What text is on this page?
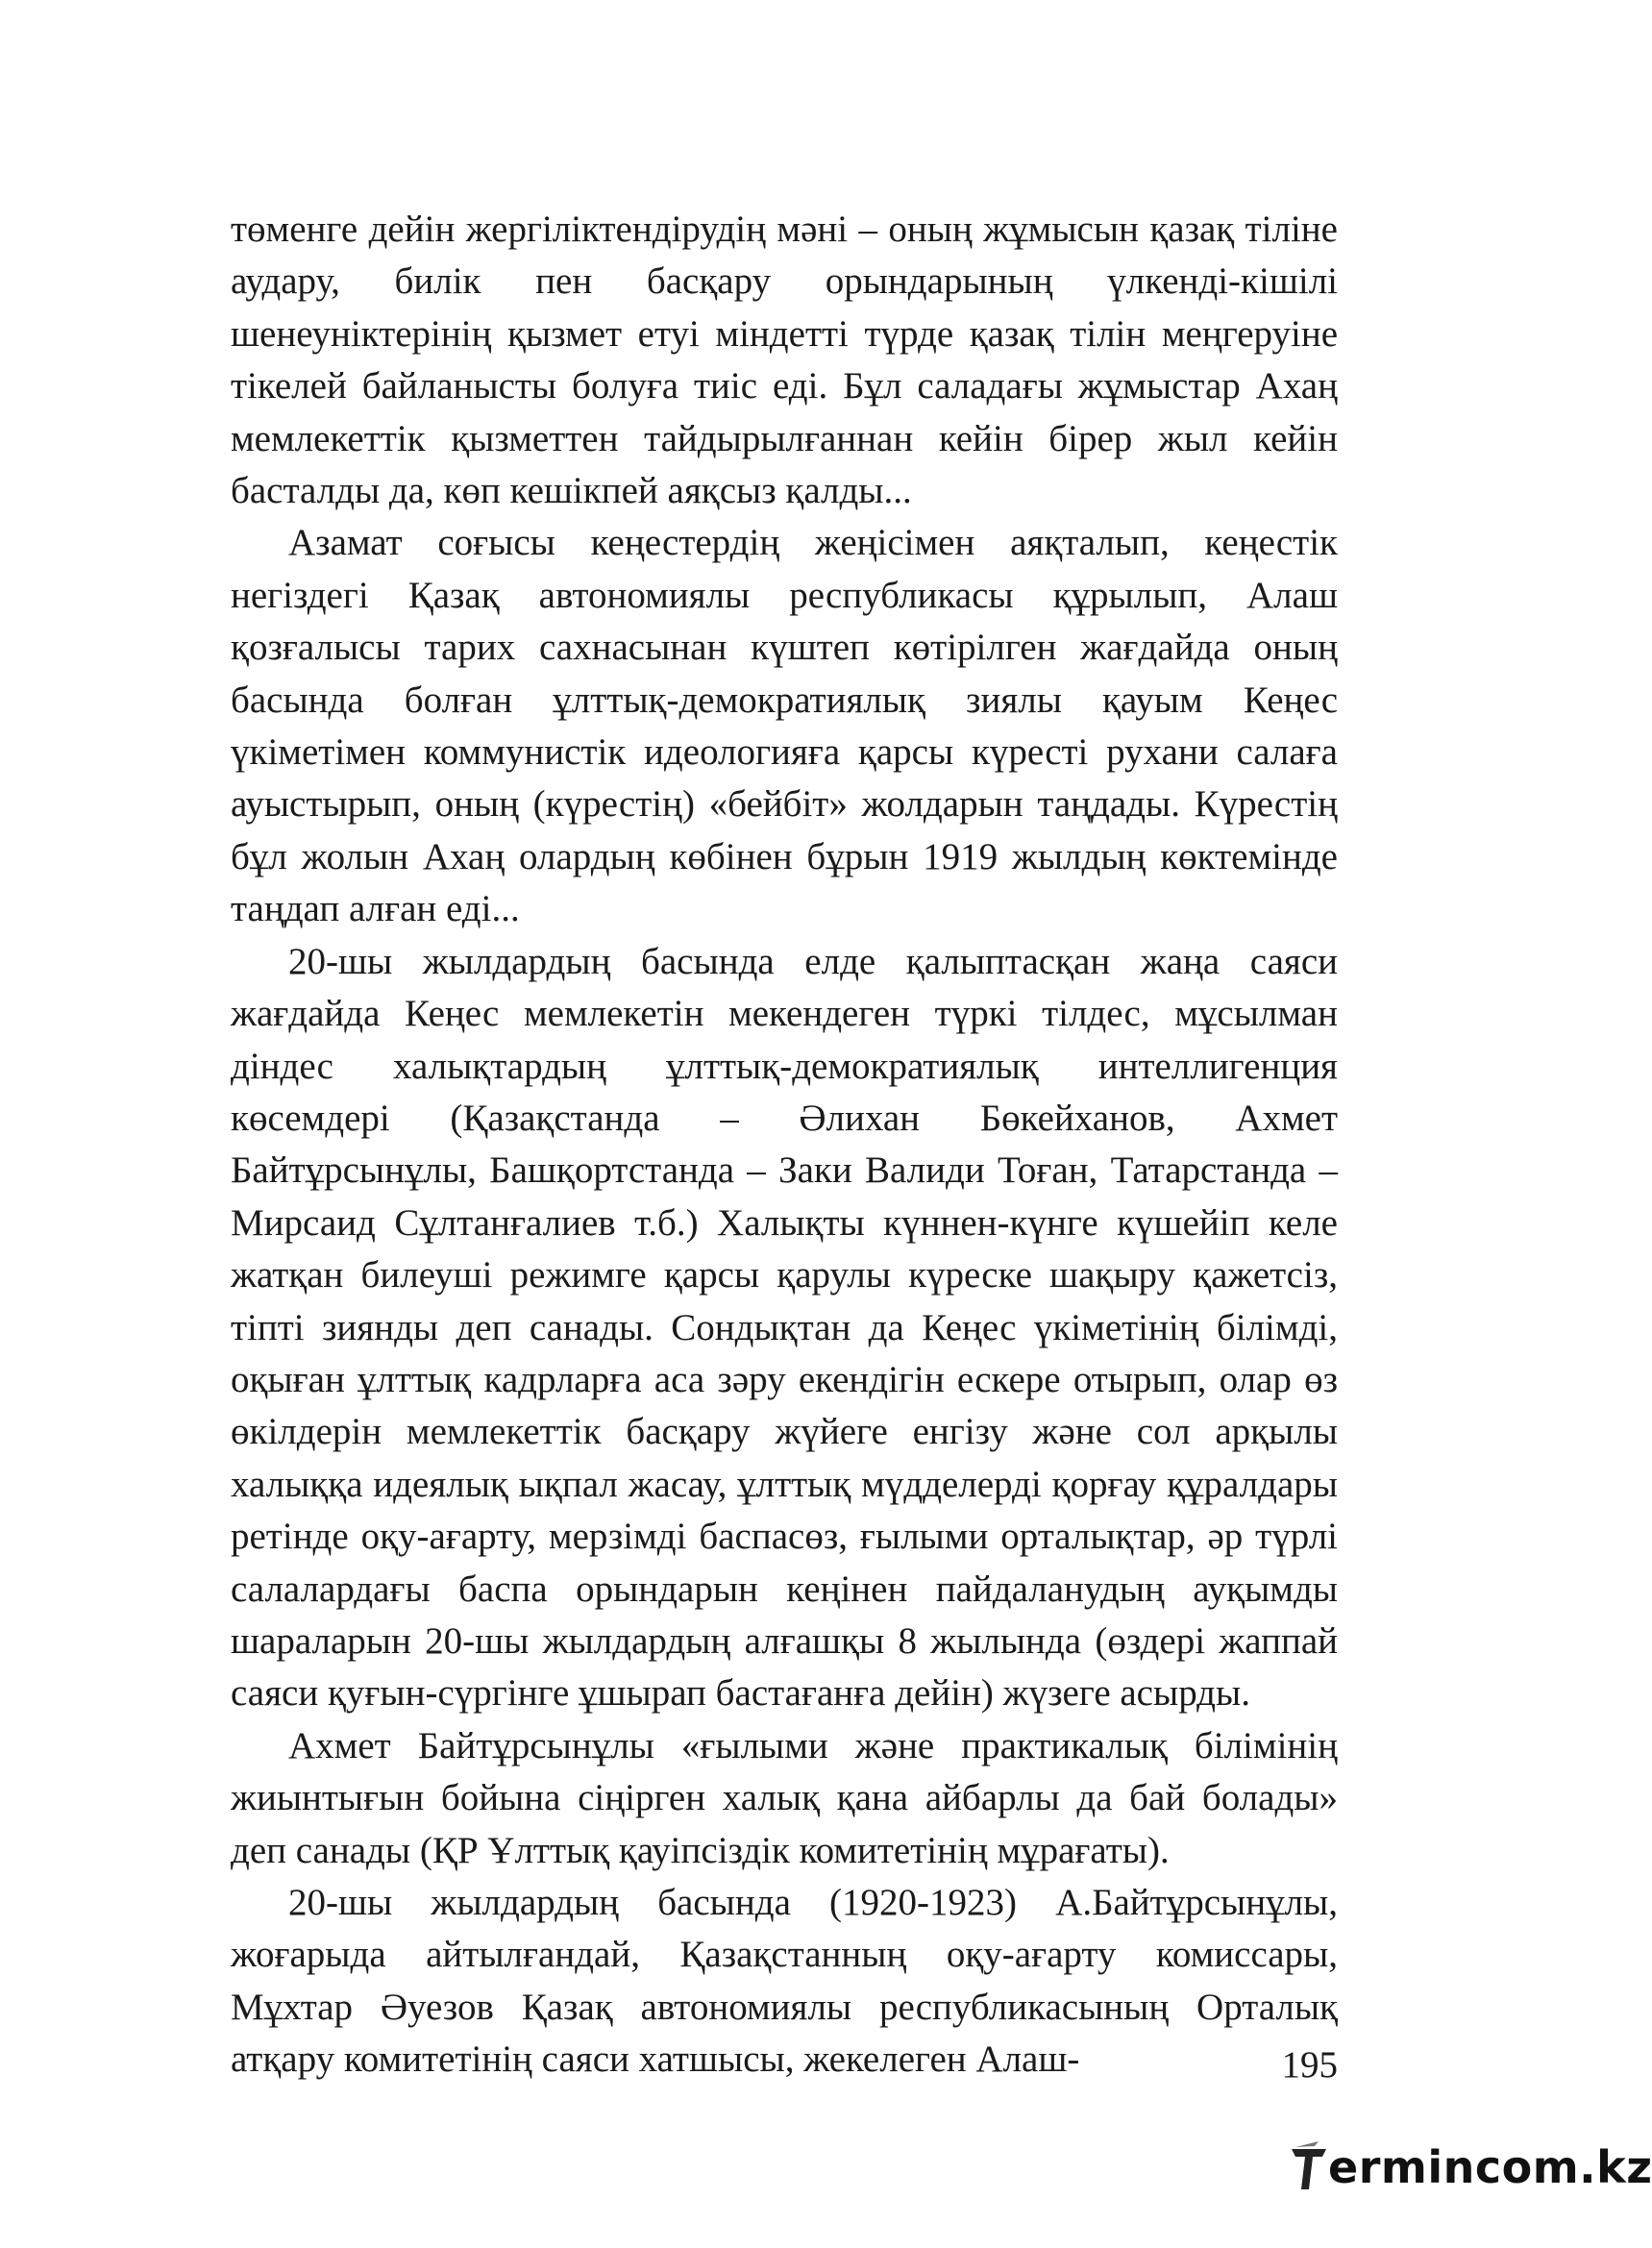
төменге дейін жергіліктендірудің мәні – оның жұмысын қазақ тіліне аудару, билік пен басқару орындарының үлкенді-кішілі шенеуніктерінің қызмет етуі міндетті түрде қазақ тілін меңгеруіне тікелей байланысты болуға тиіс еді. Бұл саладағы жұмыстар Ахаң мемлекеттік қызметтен тайдырылғаннан кейін бірер жыл кейін басталды да, көп кешікпей аяқсыз қалды...

Азамат соғысы кеңестердің жеңісімен аяқталып, кеңестік негіздегі Қазақ автономиялы республикасы құрылып, Алаш қозғалысы тарих сахнасынан күштеп көтірілген жағдайда оның басында болған ұлттық-демократиялық зиялы қауым Кеңес үкіметімен коммунистік идеологияға қарсы күресті рухани салаға ауыстырып, оның (күрестің) «бейбіт» жолдарын таңдады. Күрестің бұл жолын Ахаң олардың көбінен бұрын 1919 жылдың көктемінде таңдап алған еді...

20-шы жылдардың басында елде қалыптасқан жаңа саяси жағдайда Кеңес мемлекетін мекендеген түркі тілдес, мұсылман діндес халықтардың ұлттық-демократиялық интеллигенция көсемдері (Қазақстанда – Әлихан Бөкейханов, Ахмет Байтұрсынұлы, Башқортстанда – Заки Валиди Тоған, Татарстанда – Мирсаид Сұлтанғалиев т.б.) Халықты күннен-күнге күшейіп келе жатқан билеуші режимге қарсы қарулы күреске шақыру қажетсіз, тіпті зиянды деп санады. Сондықтан да Кеңес үкіметінің білімді, оқыған ұлттық кадрларға аса зәру екендігін ескере отырып, олар өз өкілдерін мемлекеттік басқару жүйеге енгізу және сол арқылы халыққа идеялық ықпал жасау, ұлттық мүдделерді қорғау құралдары ретінде оқу-ағарту, мерзімді баспасөз, ғылыми орталықтар, әр түрлі салалардағы баспа орындарын кеңінен пайдаланудың ауқымды шараларын 20-шы жылдардың алғашқы 8 жылында (өздері жаппай саяси қуғын-сүргінге ұшырап бастағанға дейін) жүзеге асырды.

Ахмет Байтұрсынұлы «ғылыми және практикалық білімінің жиынтығын бойына сіңірген халық қана айбарлы да бай болады» деп санады (ҚР Ұлттық қауіпсіздік комитетінің мұрағаты).

20-шы жылдардың басында (1920-1923) А.Байтұрсынұлы, жоғарыда айтылғандай, Қазақстанның оқу-ағарту комиссары, Мұхтар Әуезов Қазақ автономиялы республикасының Орталық атқару комитетінің саяси хатшысы, жекелеген Алаш-	195
ermincom.kz
